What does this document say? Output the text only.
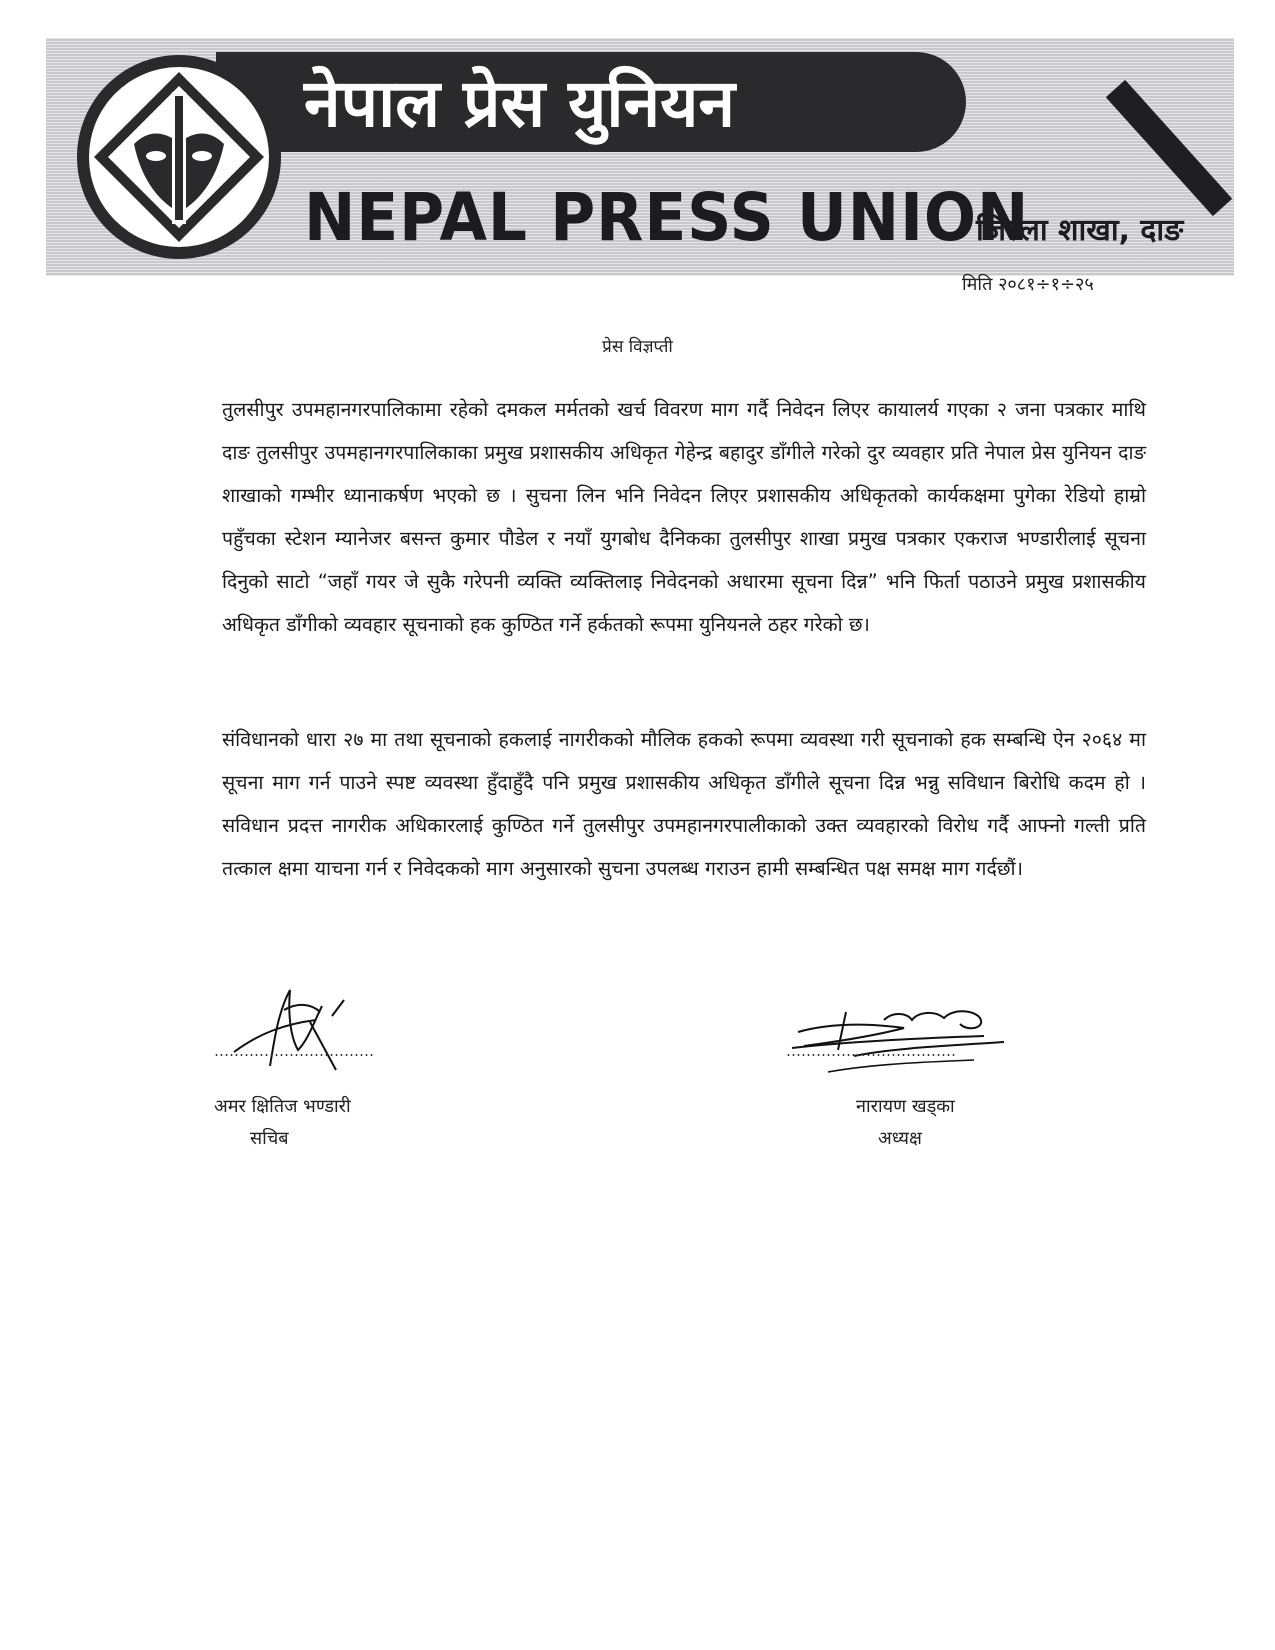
नेपाल प्रेस युनियन
NEPAL PRESS UNION
जिल्ला शाखा, दाङ
मिति २०८१÷१÷२५
प्रेस विज्ञप्ती

तुलसीपुर उपमहानगरपालिकामा रहेको दमकल मर्मतको खर्च विवरण माग गर्दै निवेदन लिएर कायालर्य गएका २ जना पत्रकार माथि दाङ तुलसीपुर उपमहानगरपालिकाका प्रमुख प्रशासकीय अधिकृत गेहेन्द्र बहादुर डाँगीले गरेको दुर व्यवहार प्रति नेपाल प्रेस युनियन दाङ शाखाको गम्भीर ध्यानाकर्षण भएको छ । सुचना लिन भनि निवेदन लिएर प्रशासकीय अधिकृतको कार्यकक्षमा पुगेका रेडियो हाम्रो पहुँचका स्टेशन म्यानेजर बसन्त कुमार पौडेल र नयाँ युगबोध दैनिकका तुलसीपुर शाखा प्रमुख पत्रकार एकराज भण्डारीलाई सूचना दिनुको साटो “जहाँ गयर जे सुकै गरेपनी व्यक्ति व्यक्तिलाइ निवेदनको अधारमा सूचना दिन्न” भनि फिर्ता पठाउने प्रमुख प्रशासकीय अधिकृत डाँगीको व्यवहार सूचनाको हक कुण्ठित गर्ने हर्कतको रूपमा युनियनले ठहर गरेको छ।

संविधानको धारा २७ मा तथा सूचनाको हकलाई नागरीकको मौलिक हकको रूपमा व्यवस्था गरी सूचनाको हक सम्बन्धि ऐन २०६४ मा सूचना माग गर्न पाउने स्पष्ट व्यवस्था हुँदाहुँदै पनि प्रमुख प्रशासकीय अधिकृत डाँगीले सूचना दिन्न भन्नु सविधान बिरोधि कदम हो । सविधान प्रदत्त नागरीक अधिकारलाई कुण्ठित गर्ने तुलसीपुर उपमहानगरपालीकाको उक्त व्यवहारको विरोध गर्दै आफ्नो गल्ती प्रति तत्काल क्षमा याचना गर्न र निवेदकको माग अनुसारको सुचना उपलब्ध गराउन हामी सम्बन्धित पक्ष समक्ष माग गर्दछौं।

अमर क्षितिज भण्डारी
सचिब
नारायण खड्का
अध्यक्ष
